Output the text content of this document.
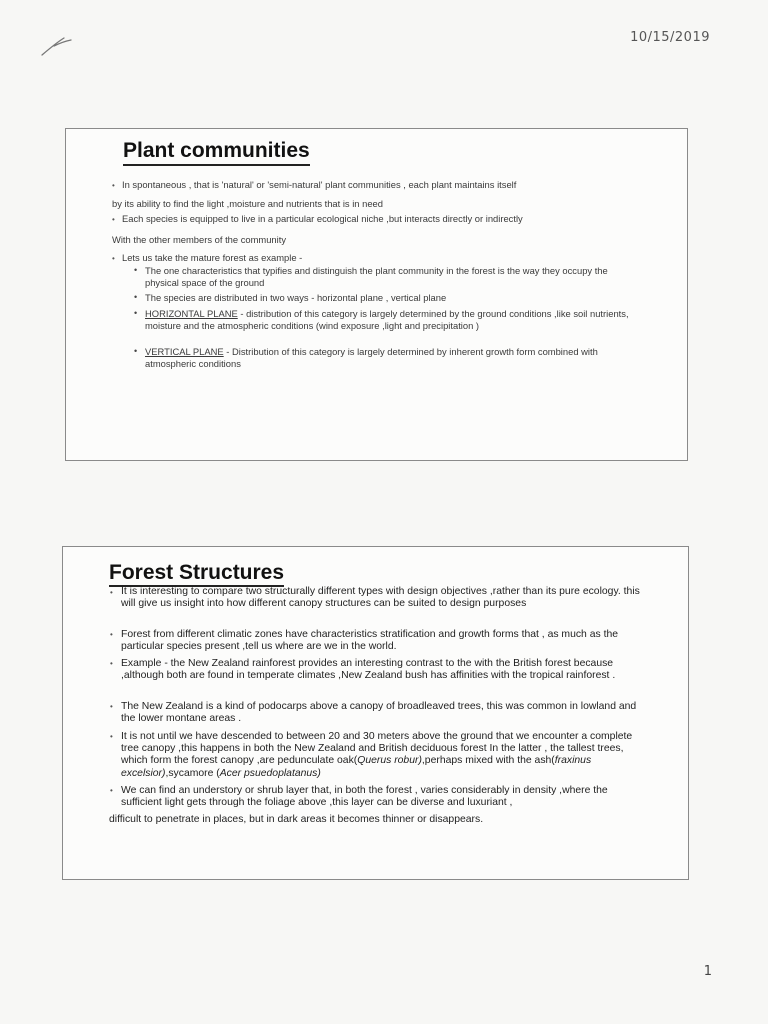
10/15/2019
1
Plant communities
• In spontaneous , that is 'natural' or 'semi-natural' plant communities , each plant maintains itself
by its ability to find the light ,moisture and nutrients that is in need
• Each species is equipped to live in a particular ecological niche ,but interacts directly or indirectly
With the other members of the community
• Lets us take the mature forest as example -
• The one characteristics that typifies and distinguish the plant community in the forest is the way they occupy the physical space of the ground
• The species are distributed in two ways - horizontal plane , vertical plane
• HORIZONTAL PLANE - distribution of this category is largely determined by the ground conditions ,like soil nutrients, moisture and the atmospheric conditions (wind exposure ,light and precipitation )
• VERTICAL PLANE - Distribution of this category is largely determined by inherent growth form combined with atmospheric conditions
Forest Structures
• It is interesting to compare two structurally different types with design objectives ,rather than its pure ecology. this will give us insight into how different canopy structures can be suited to design purposes
• Forest from different climatic zones have characteristics stratification and growth forms that , as much as the particular species present ,tell us where are we in the world.
• Example - the New Zealand rainforest provides an interesting contrast to the with the British forest because ,although both are found in temperate climates ,New Zealand bush has affinities with the tropical rainforest .
• The New Zealand is a kind of podocarps above a canopy of broadleaved trees, this was common in lowland and the lower montane areas .
• It is not until we have descended to between 20 and 30 meters above the ground that we encounter a complete tree canopy ,this happens in both the New Zealand and British deciduous forest In the latter , the tallest trees, which form the forest canopy ,are pedunculate oak(Querus robur),perhaps mixed with the ash(fraxinus excelsior),sycamore (Acer psuedoplatanus)
• We can find an understory or shrub layer that, in both the forest , varies considerably in density ,where the sufficient light gets through the foliage above ,this layer can be diverse and luxuriant ,
difficult to penetrate in places, but in dark areas it becomes thinner or disappears.
